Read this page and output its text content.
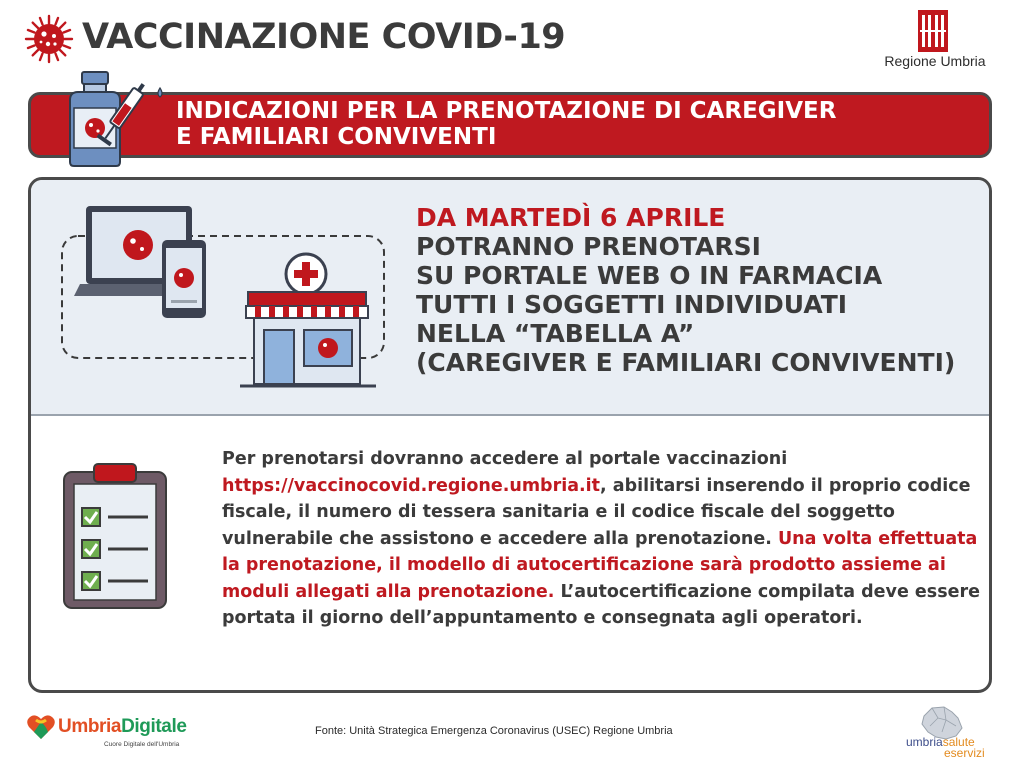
VACCINAZIONE COVID-19
Regione Umbria
INDICAZIONI PER LA PRENOTAZIONE DI CAREGIVER
E FAMILIARI CONVIVENTI
DA MARTEDÌ 6 APRILE
POTRANNO PRENOTARSI
SU PORTALE WEB O IN FARMACIA
TUTTI I SOGGETTI INDIVIDUATI
NELLA “TABELLA A”
(CAREGIVER E FAMILIARI CONVIVENTI)
Per prenotarsi dovranno accedere al portale vaccinazioni https://vaccinocovid.regione.umbria.it, abilitarsi inserendo il proprio codice fiscale, il numero di tessera sanitaria e il codice fiscale del soggetto vulnerabile che assistono e accedere alla prenotazione. Una volta effettuata la prenotazione, il modello di autocertificazione sarà prodotto assieme ai moduli allegati alla prenotazione. L’autocertificazione compilata deve essere portata il giorno dell’appuntamento e consegnata agli operatori.
UmbriaDigitale
Cuore Digitale dell'Umbria
Fonte: Unità Strategica Emergenza Coronavirus (USEC) Regione Umbria
umbriasalute
eservizi
